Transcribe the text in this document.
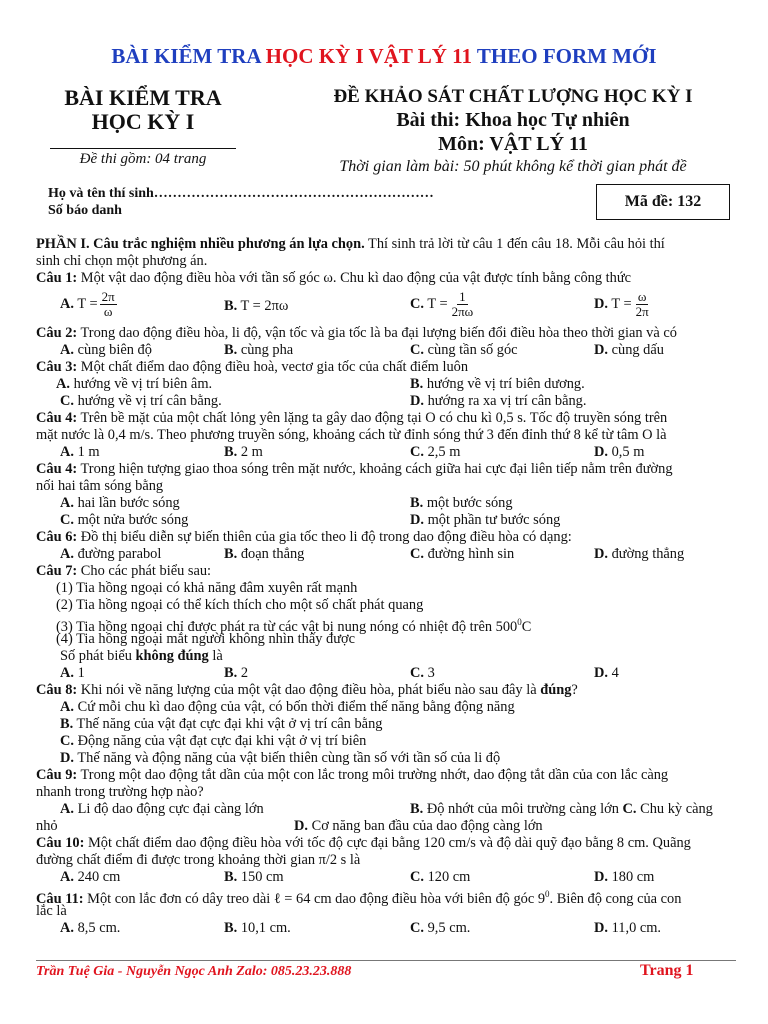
BÀI KIỂM TRA HỌC KỲ I VẬT LÝ 11 THEO FORM MỚI
BÀI KIỂM TRA
HỌC KỲ I
Đề thi gồm: 04 trang
ĐỀ KHẢO SÁT CHẤT LƯỢNG HỌC KỲ I
Bài thi: Khoa học Tự nhiên
Môn: VẬT LÝ 11
Thời gian làm bài: 50 phút không kể thời gian phát đề
Họ và tên thí sinh……………………………………………………
Số báo danh
Mã đề: 132
PHẦN I. Câu trắc nghiệm nhiều phương án lựa chọn. Thí sinh trả lời từ câu 1 đến câu 18. Mỗi câu hỏi thí
sinh chỉ chọn một phương án.
Câu 1: Một vật dao động điều hòa với tần số góc ω. Chu kì dao động của vật được tính bằng công thức
A. $T = \frac{2\pi}{\omega}$	B. T = 2πω	C. $T = \frac{1}{2\pi\omega}$	D. $T = \frac{\omega}{2\pi}$
Câu 2: Trong dao động điều hòa, li độ, vận tốc và gia tốc là ba đại lượng biến đổi điều hòa theo thời gian và có
A. cùng biên độ	B. cùng pha	C. cùng tần số góc	D. cùng dấu
Câu 3: Một chất điểm dao động điều hoà, vectơ gia tốc của chất điểm luôn
A. hướng về vị trí biên âm.	B. hướng về vị trí biên dương.
C. hướng về vị trí cân bằng.	D. hướng ra xa vị trí cân bằng.
Câu 4: Trên bề mặt của một chất lỏng yên lặng ta gây dao động tại O có chu kì 0,5 s. Tốc độ truyền sóng trên
mặt nước là 0,4 m/s. Theo phương truyền sóng, khoảng cách từ đỉnh sóng thứ 3 đến đỉnh thứ 8 kể từ tâm O là
A. 1 m	B. 2 m	C. 2,5 m	D. 0,5 m
Câu 4: Trong hiện tượng giao thoa sóng trên mặt nước, khoảng cách giữa hai cực đại liên tiếp nằm trên đường
nối hai tâm sóng bằng
A. hai lần bước sóng	B. một bước sóng
C. một nửa bước sóng	D. một phần tư bước sóng
Câu 6: Đồ thị biểu diễn sự biến thiên của gia tốc theo li độ trong dao động điều hòa có dạng:
A. đường parabol	B. đoạn thẳng	C. đường hình sin	D. đường thẳng
Câu 7: Cho các phát biểu sau:
(1) Tia hồng ngoại có khả năng đâm xuyên rất mạnh
(2) Tia hồng ngoại có thể kích thích cho một số chất phát quang
(3) Tia hồng ngoại chỉ được phát ra từ các vật bị nung nóng có nhiệt độ trên $500^0C$
(4) Tia hồng ngoại mắt người không nhìn thấy được
Số phát biểu không đúng là
A. 1	B. 2	C. 3	D. 4
Câu 8: Khi nói về năng lượng của một vật dao động điều hòa, phát biểu nào sau đây là đúng?
A. Cứ mỗi chu kì dao động của vật, có bốn thời điểm thế năng bằng động năng
B. Thế năng của vật đạt cực đại khi vật ở vị trí cân bằng
C. Động năng của vật đạt cực đại khi vật ở vị trí biên
D. Thế năng và động năng của vật biến thiên cùng tần số với tần số của li độ
Câu 9: Trong một dao động tắt dần của một con lắc trong môi trường nhớt, dao động tắt dần của con lắc càng
nhanh trong trường hợp nào?
A. Li độ dao động cực đại càng lớn	B. Độ nhớt của môi trường càng lớn C. Chu kỳ càng
nhỏ	D. Cơ năng ban đầu của dao động càng lớn
Câu 10: Một chất điểm dao động điều hòa với tốc độ cực đại bằng 120 cm/s và độ dài quỹ đạo bằng 8 cm. Quãng
đường chất điểm đi được trong khoảng thời gian π/2 s là
A. 240 cm	B. 150 cm	C. 120 cm	D. 180 cm
Câu 11: Một con lắc đơn có dây treo dài ℓ = 64 cm dao động điều hòa với biên độ góc $9^0$. Biên độ cong của con
lắc là
A. 8,5 cm.	B. 10,1 cm.	C. 9,5 cm.	D. 11,0 cm.
Trần Tuệ Gia - Nguyễn Ngọc Anh Zalo: 085.23.23.888	Trang 1
